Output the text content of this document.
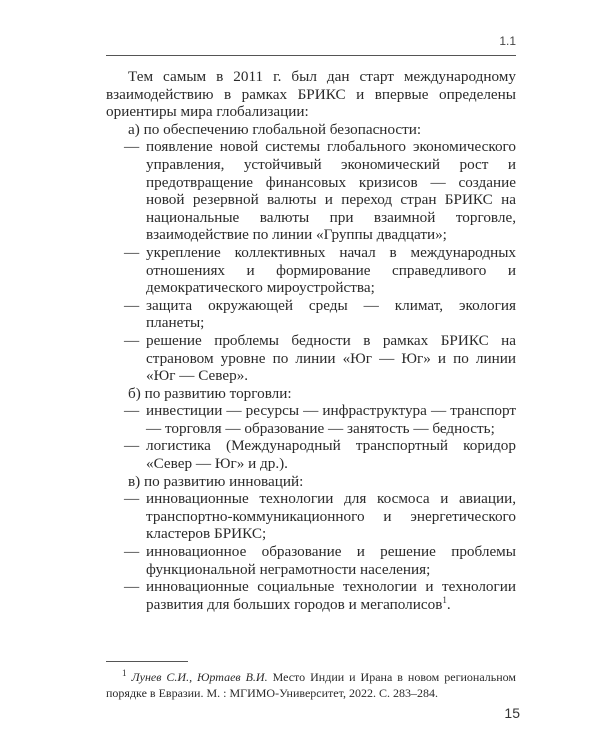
1.1

Тем самым в 2011 г. был дан старт международному взаимодействию в рамках БРИКС и впервые определены ориентиры мира глобализации:

а) по обеспечению глобальной безопасности:

— появление новой системы глобального экономического управления, устойчивый экономический рост и предотвращение финансовых кризисов — создание новой резервной валюты и переход стран БРИКС на национальные валюты при взаимной торговле, взаимодействие по линии «Группы двадцати»;

— укрепление коллективных начал в международных отношениях и формирование справедливого и демократического мироустройства;

— защита окружающей среды — климат, экология планеты;

— решение проблемы бедности в рамках БРИКС на страновом уровне по линии «Юг — Юг» и по линии «Юг — Север».

б) по развитию торговли:

— инвестиции — ресурсы — инфраструктура — транспорт — торговля — образование — занятость — бедность;

— логистика (Международный транспортный коридор «Север — Юг» и др.).

в) по развитию инноваций:

— инновационные технологии для космоса и авиации, транспортно-коммуникационного и энергетического кластеров БРИКС;

— инновационное образование и решение проблемы функциональной неграмотности населения;

— инновационные социальные технологии и технологии развития для больших городов и мегаполисов$^1$.

$^1$ Лунев С.И., Юртаев В.И. Место Индии и Ирана в новом региональном порядке в Евразии. М. : МГИМО-Университет, 2022. С. 283–284.

15
